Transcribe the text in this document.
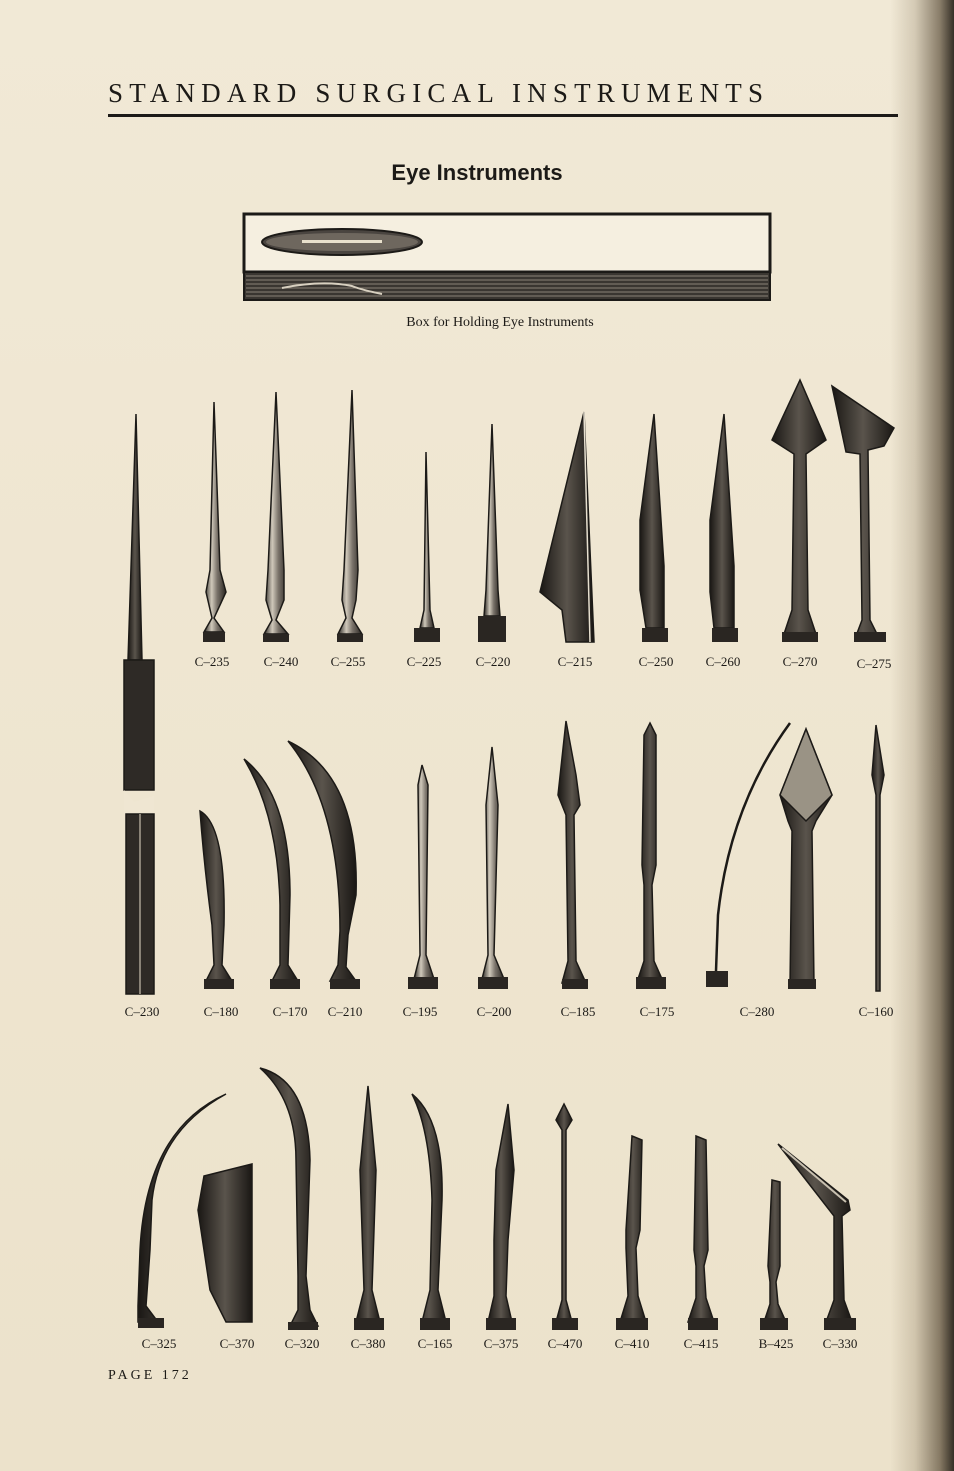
STANDARD SURGICAL INSTRUMENTS
Eye Instruments
Box for Holding Eye Instruments
C–235	C–240 C–255	C–225	C–220	C–215	C–250 C–260	C–270	C–275
C–230	C–180	C–170 C–210	C–195	C–200	C–185	C–175	C–280	C–160
C–325	C–370 C–320 C–380 C–165 C–375 C–470 C–410	C–415	B–425 C–330
PAGE 172
